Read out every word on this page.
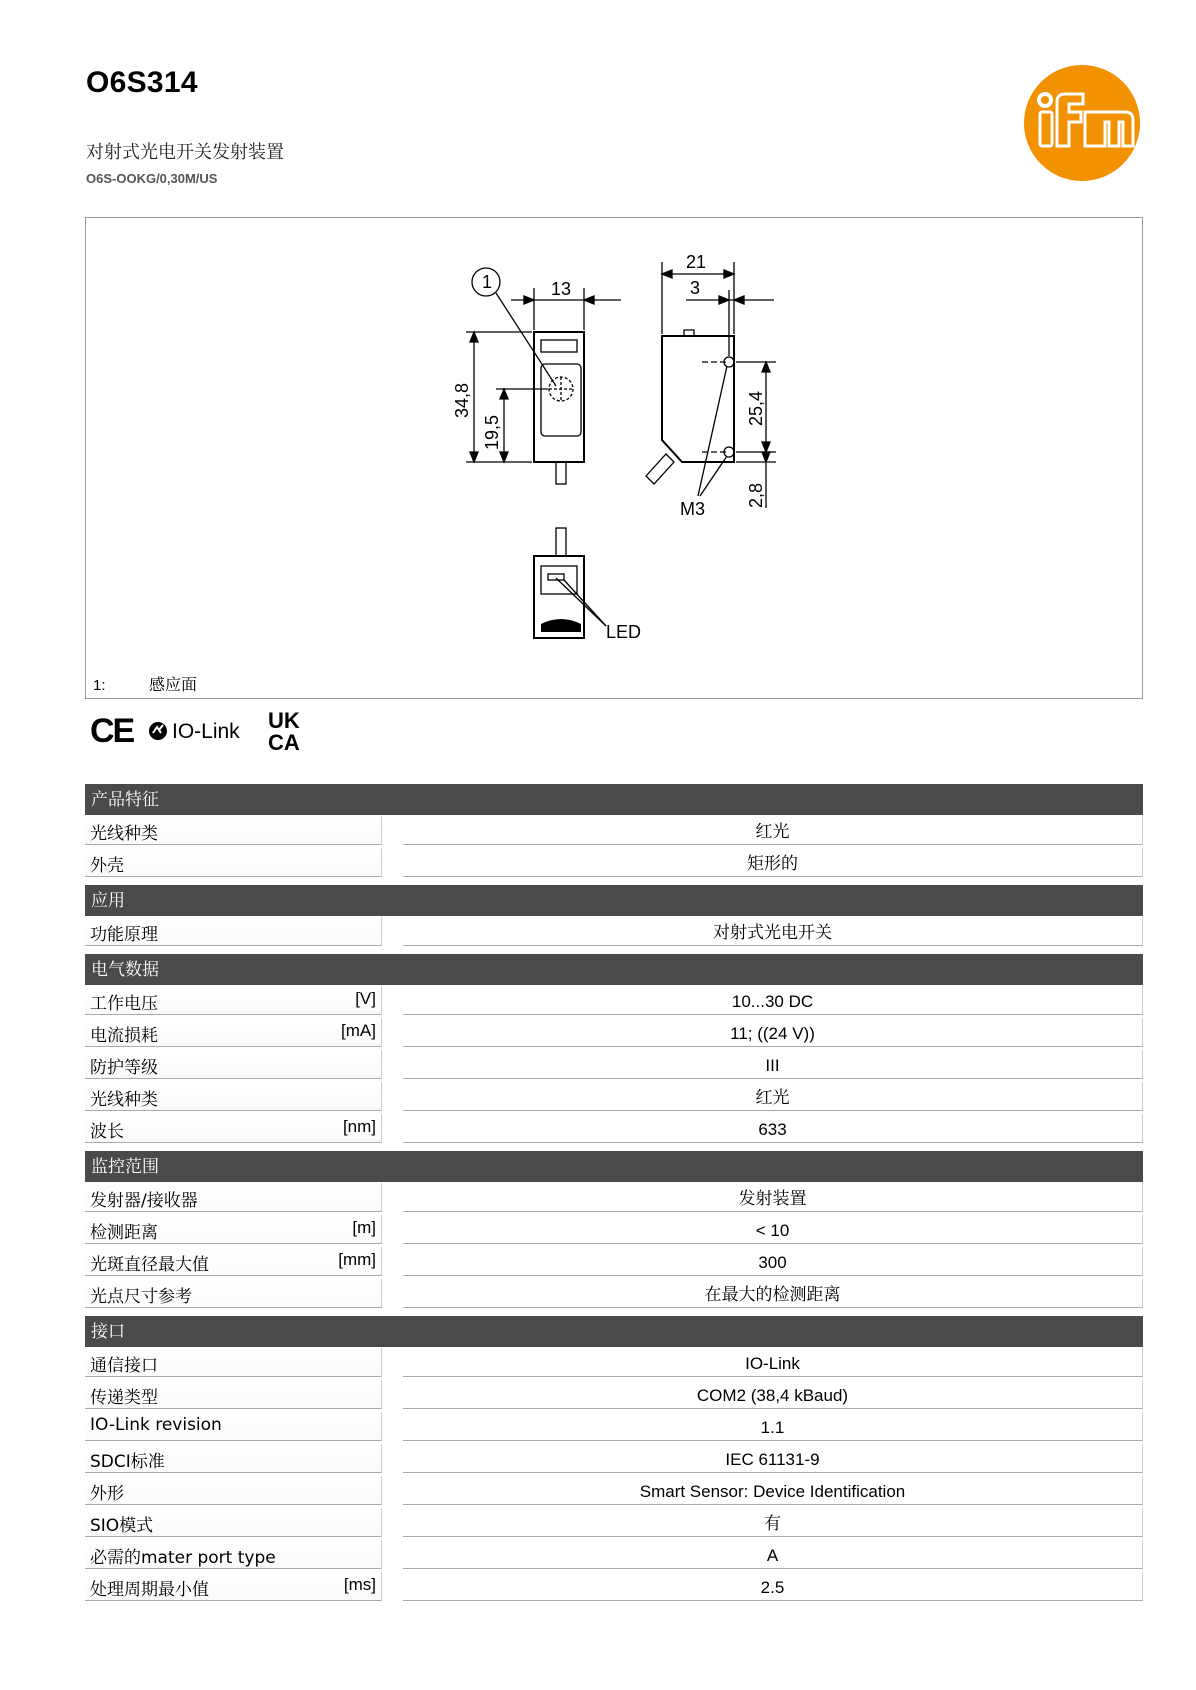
O6S314
对射式光电开关发射装置
O6S-OOKG/0,30M/US
1	13
21
3
34,8
19,5
25,4
2,8
M3
LED
1:	感应面
CE IO-Link UK
CA
产品特征
光线种类	红光
外壳	矩形的
应用
功能原理	对射式光电开关
电气数据
工作电压	[V]	10...30 DC
电流损耗	[mA]	11; ((24 V))
防护等级	III
光线种类	红光
波长	[nm]	633
监控范围
发射器/接收器	发射装置
检测距离	[m]	< 10
光斑直径最大值	[mm]	300
光点尺寸参考	在最大的检测距离
接口
通信接口	IO-Link
传递类型	COM2 (38,4 kBaud)
IO-Link revision	1.1
SDCI标准	IEC 61131-9
外形	Smart Sensor: Device Identification
SIO模式	有
必需的mater port type	A
处理周期最小值	[ms]	2.5
